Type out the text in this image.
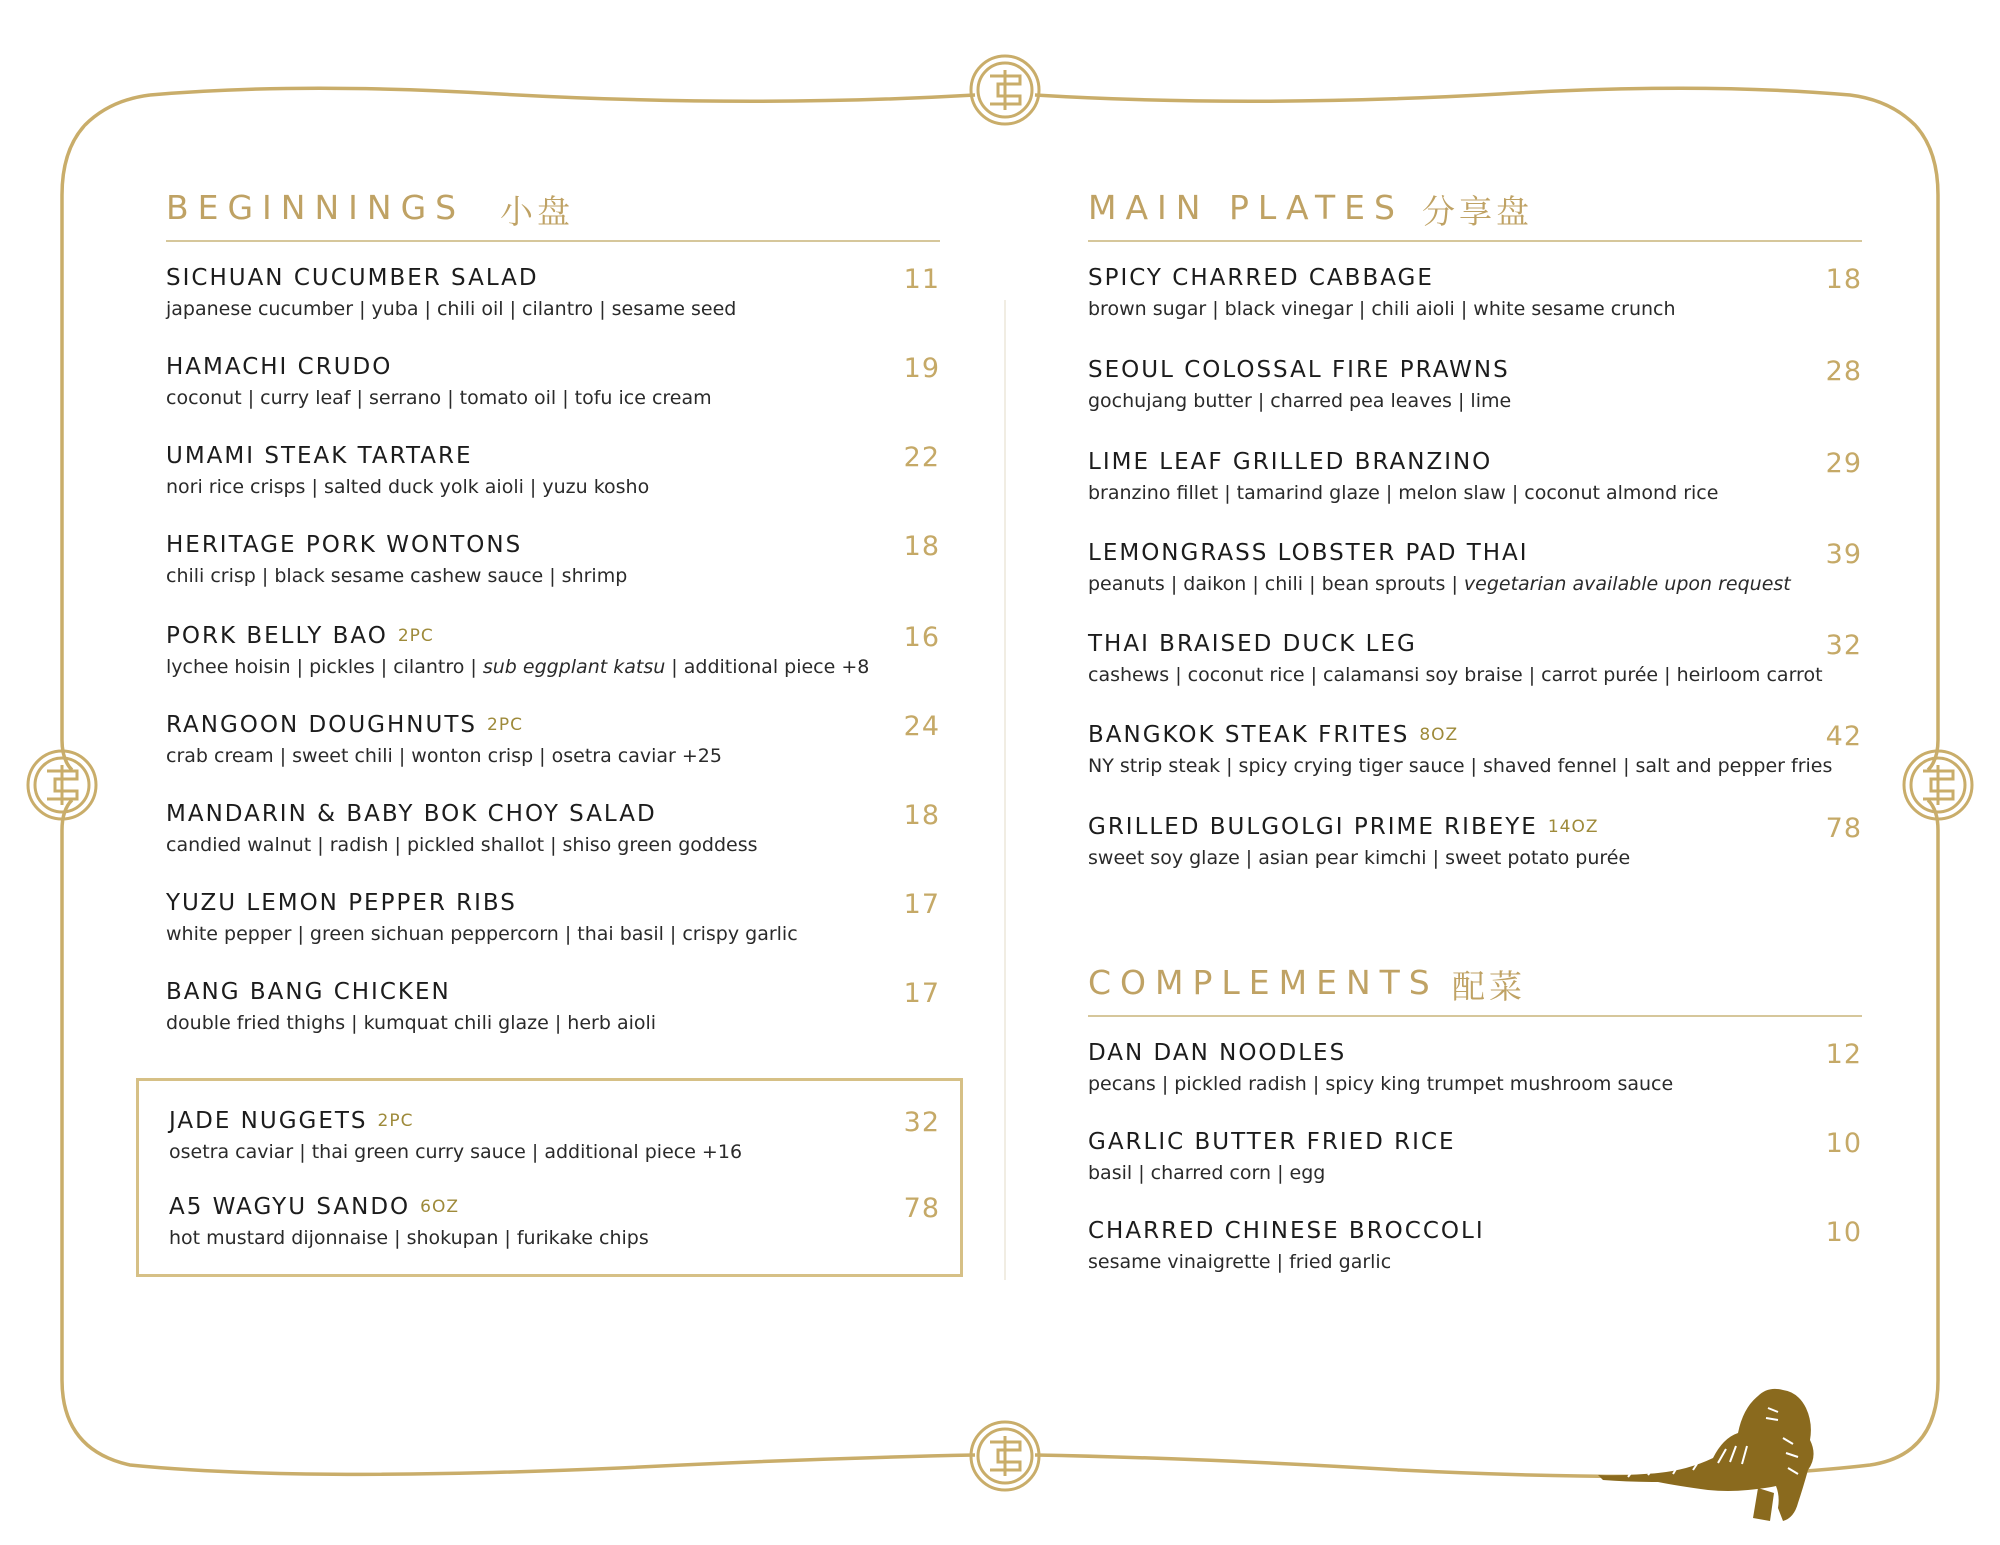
BEGINNINGS 小盘
SICHUAN CUCUMBER SALAD
japanese cucumber | yuba | chili oil | cilantro | sesame seed
11
HAMACHI CRUDO
coconut | curry leaf | serrano | tomato oil | tofu ice cream
19
UMAMI STEAK TARTARE
nori rice crisps | salted duck yolk aioli | yuzu kosho
22
HERITAGE PORK WONTONS
chili crisp | black sesame cashew sauce | shrimp
18
PORK BELLY BAO 2PC
lychee hoisin | pickles | cilantro | sub eggplant katsu | additional piece +8
16
RANGOON DOUGHNUTS 2PC
crab cream | sweet chili | wonton crisp | osetra caviar +25
24
MANDARIN & BABY BOK CHOY SALAD
candied walnut | radish | pickled shallot | shiso green goddess
18
YUZU LEMON PEPPER RIBS
white pepper | green sichuan peppercorn | thai basil | crispy garlic
17
BANG BANG CHICKEN
double fried thighs | kumquat chili glaze | herb aioli
17
JADE NUGGETS 2PC
osetra caviar | thai green curry sauce | additional piece +16
32
A5 WAGYU SANDO 6OZ
hot mustard dijonnaise | shokupan | furikake chips
78
MAIN PLATES 分享盘
SPICY CHARRED CABBAGE
brown sugar | black vinegar | chili aioli | white sesame crunch
18
SEOUL COLOSSAL FIRE PRAWNS
gochujang butter | charred pea leaves | lime
28
LIME LEAF GRILLED BRANZINO
branzino fillet | tamarind glaze | melon slaw | coconut almond rice
29
LEMONGRASS LOBSTER PAD THAI
peanuts | daikon | chili | bean sprouts | vegetarian available upon request
39
THAI BRAISED DUCK LEG
cashews | coconut rice | calamansi soy braise | carrot purée | heirloom carrot
32
BANGKOK STEAK FRITES 8OZ
NY strip steak | spicy crying tiger sauce | shaved fennel | salt and pepper fries
42
GRILLED BULGOLGI PRIME RIBEYE 14OZ
sweet soy glaze | asian pear kimchi | sweet potato purée
78
COMPLEMENTS 配菜
DAN DAN NOODLES
pecans | pickled radish | spicy king trumpet mushroom sauce
12
GARLIC BUTTER FRIED RICE
basil | charred corn | egg
10
CHARRED CHINESE BROCCOLI
sesame vinaigrette | fried garlic
10
